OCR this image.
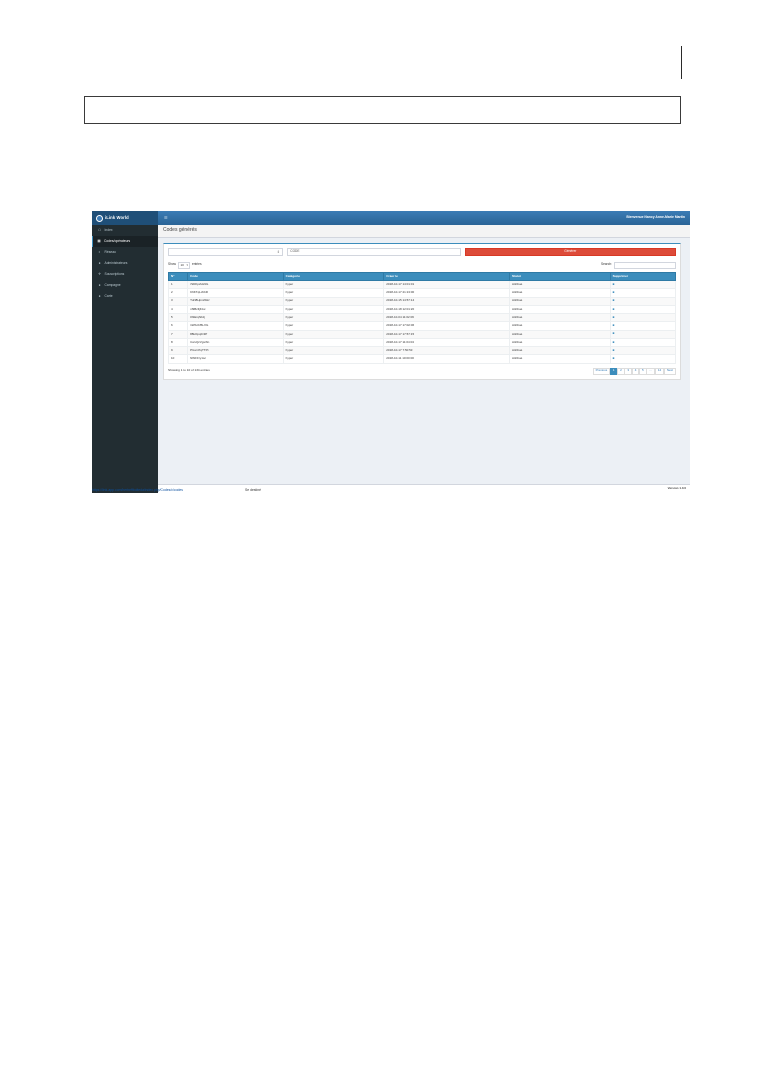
iLink World	☰	Bienvenue Nancy Anne-Marie Martin
☖ Index
▦ Codes/opérateurs
◐	Réseau
●	Administrateurs
✛	Souscriptions
●	Campagne
●	Carte
Codes générés
⇕	CODE	Générer
Show 10 ▾ entries	Search:
N°	Code	Catégorie	Créer le	Statut	Supprimer
1	rSDKp2Hx9G	hyper	2018-10-17 14:01:01	Attribué	■
2	K6KTqLzbbR	hyper	2018-10-17 21:13:00	Attribué	■
3	TuN8Hpns5Hz	hyper	2018-10-15 14:57:14	Attribué	■
4	nf9BclljKzw	hyper	2018-10-18 12:01:20	Attribué	■
5	0f1ErqNbJj	hyper	2018-10-04 11:02:06	Attribué	■
6	1WKcbf5LXG	hyper	2018-10-17 17:02:06	Attribué	■
7	88kOpqIC3P	hyper	2018-10-17 17:57:15	Attribué	■
8	CwvQcVgsr6n	hyper	2018-10-17 11:04:04	Attribué	■
9	PGsr47qTTPt	hyper	2018-10-17 7:50:53	Attribué	■
10	NWFFry1sc	hyper	2018-10-11 10:00:00	Attribué	■
Showing 1 to 10 of 134 entries	Previous	1	2	3	4	5	…	14	Next
Version 1.0.0
https://link-app.com/herbeffbolteda/index.php/Codes/c/codes	Se destiné
